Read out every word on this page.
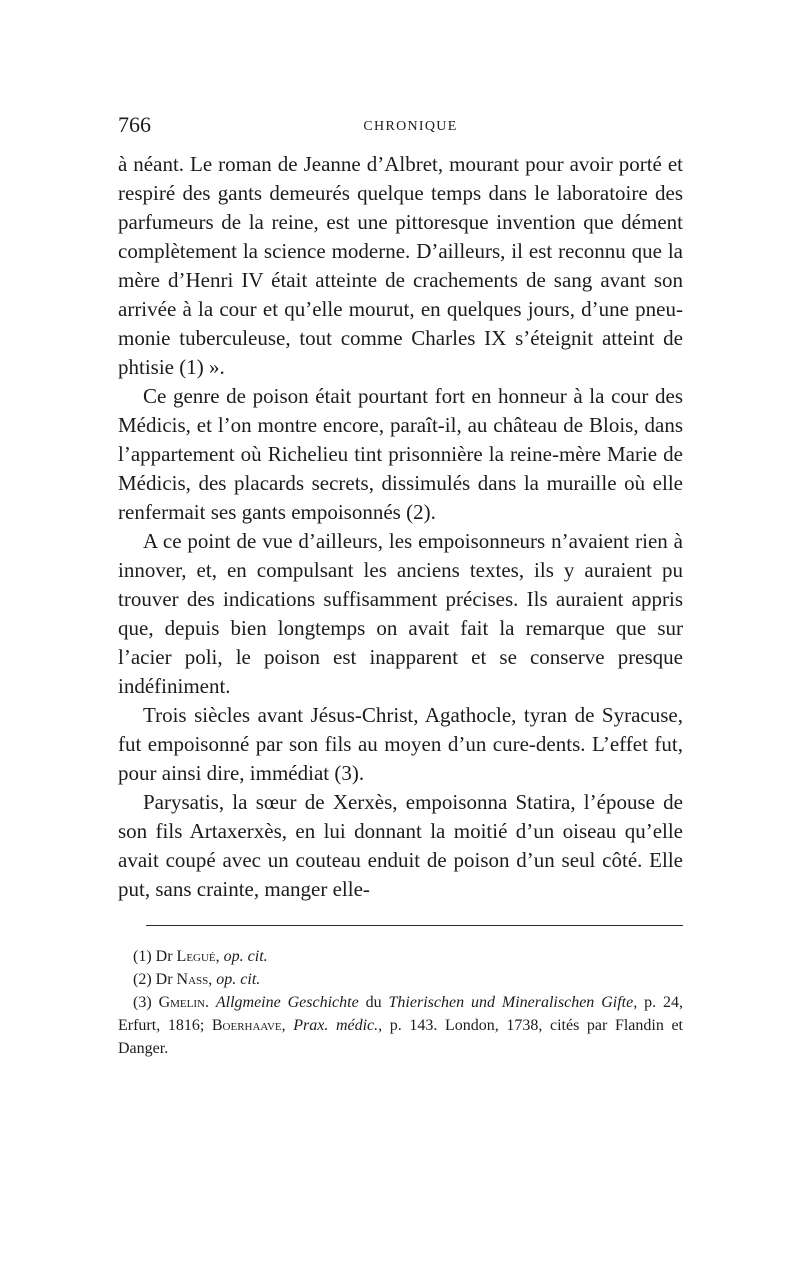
766	CHRONIQUE

à néant. Le roman de Jeanne d’Albret, mourant pour avoir porté et respiré des gants demeurés quelque temps dans le laboratoire des parfumeurs de la reine, est une pittoresque invention que dément complètement la science moderne. D’ailleurs, il est reconnu que la mère d’Henri IV était atteinte de crachements de sang avant son arrivée à la cour et qu’elle mourut, en quelques jours, d’une pneumonie tuberculeuse, tout comme Charles IX s’éteignit atteint de phtisie (1) ».

Ce genre de poison était pourtant fort en honneur à la cour des Médicis, et l’on montre encore, paraît-il, au château de Blois, dans l’appartement où Richelieu tint prisonnière la reine-mère Marie de Médicis, des placards secrets, dissimulés dans la muraille où elle renfermait ses gants empoisonnés (2).

A ce point de vue d’ailleurs, les empoisonneurs n’avaient rien à innover, et, en compulsant les anciens textes, ils y auraient pu trouver des indications suffisamment précises. Ils auraient appris que, depuis bien longtemps on avait fait la remarque que sur l’acier poli, le poison est inapparent et se conserve presque indéfiniment.

Trois siècles avant Jésus-Christ, Agathocle, tyran de Syracuse, fut empoisonné par son fils au moyen d’un cure-dents. L’effet fut, pour ainsi dire, immédiat (3).

Parysatis, la sœur de Xerxès, empoisonna Statira, l’épouse de son fils Artaxerxès, en lui donnant la moitié d’un oiseau qu’elle avait coupé avec un couteau enduit de poison d’un seul côté. Elle put, sans crainte, manger elle-

(1) Dr Legué, op. cit.

(2) Dr Nass, op. cit.

(3) Gmelin. Allgmeine Geschichte du Thierischen und Mineralischen Gifte, p. 24, Erfurt, 1816; Boerhaave, Prax. médic., p. 143. London, 1738, cités par Flandin et Danger.
